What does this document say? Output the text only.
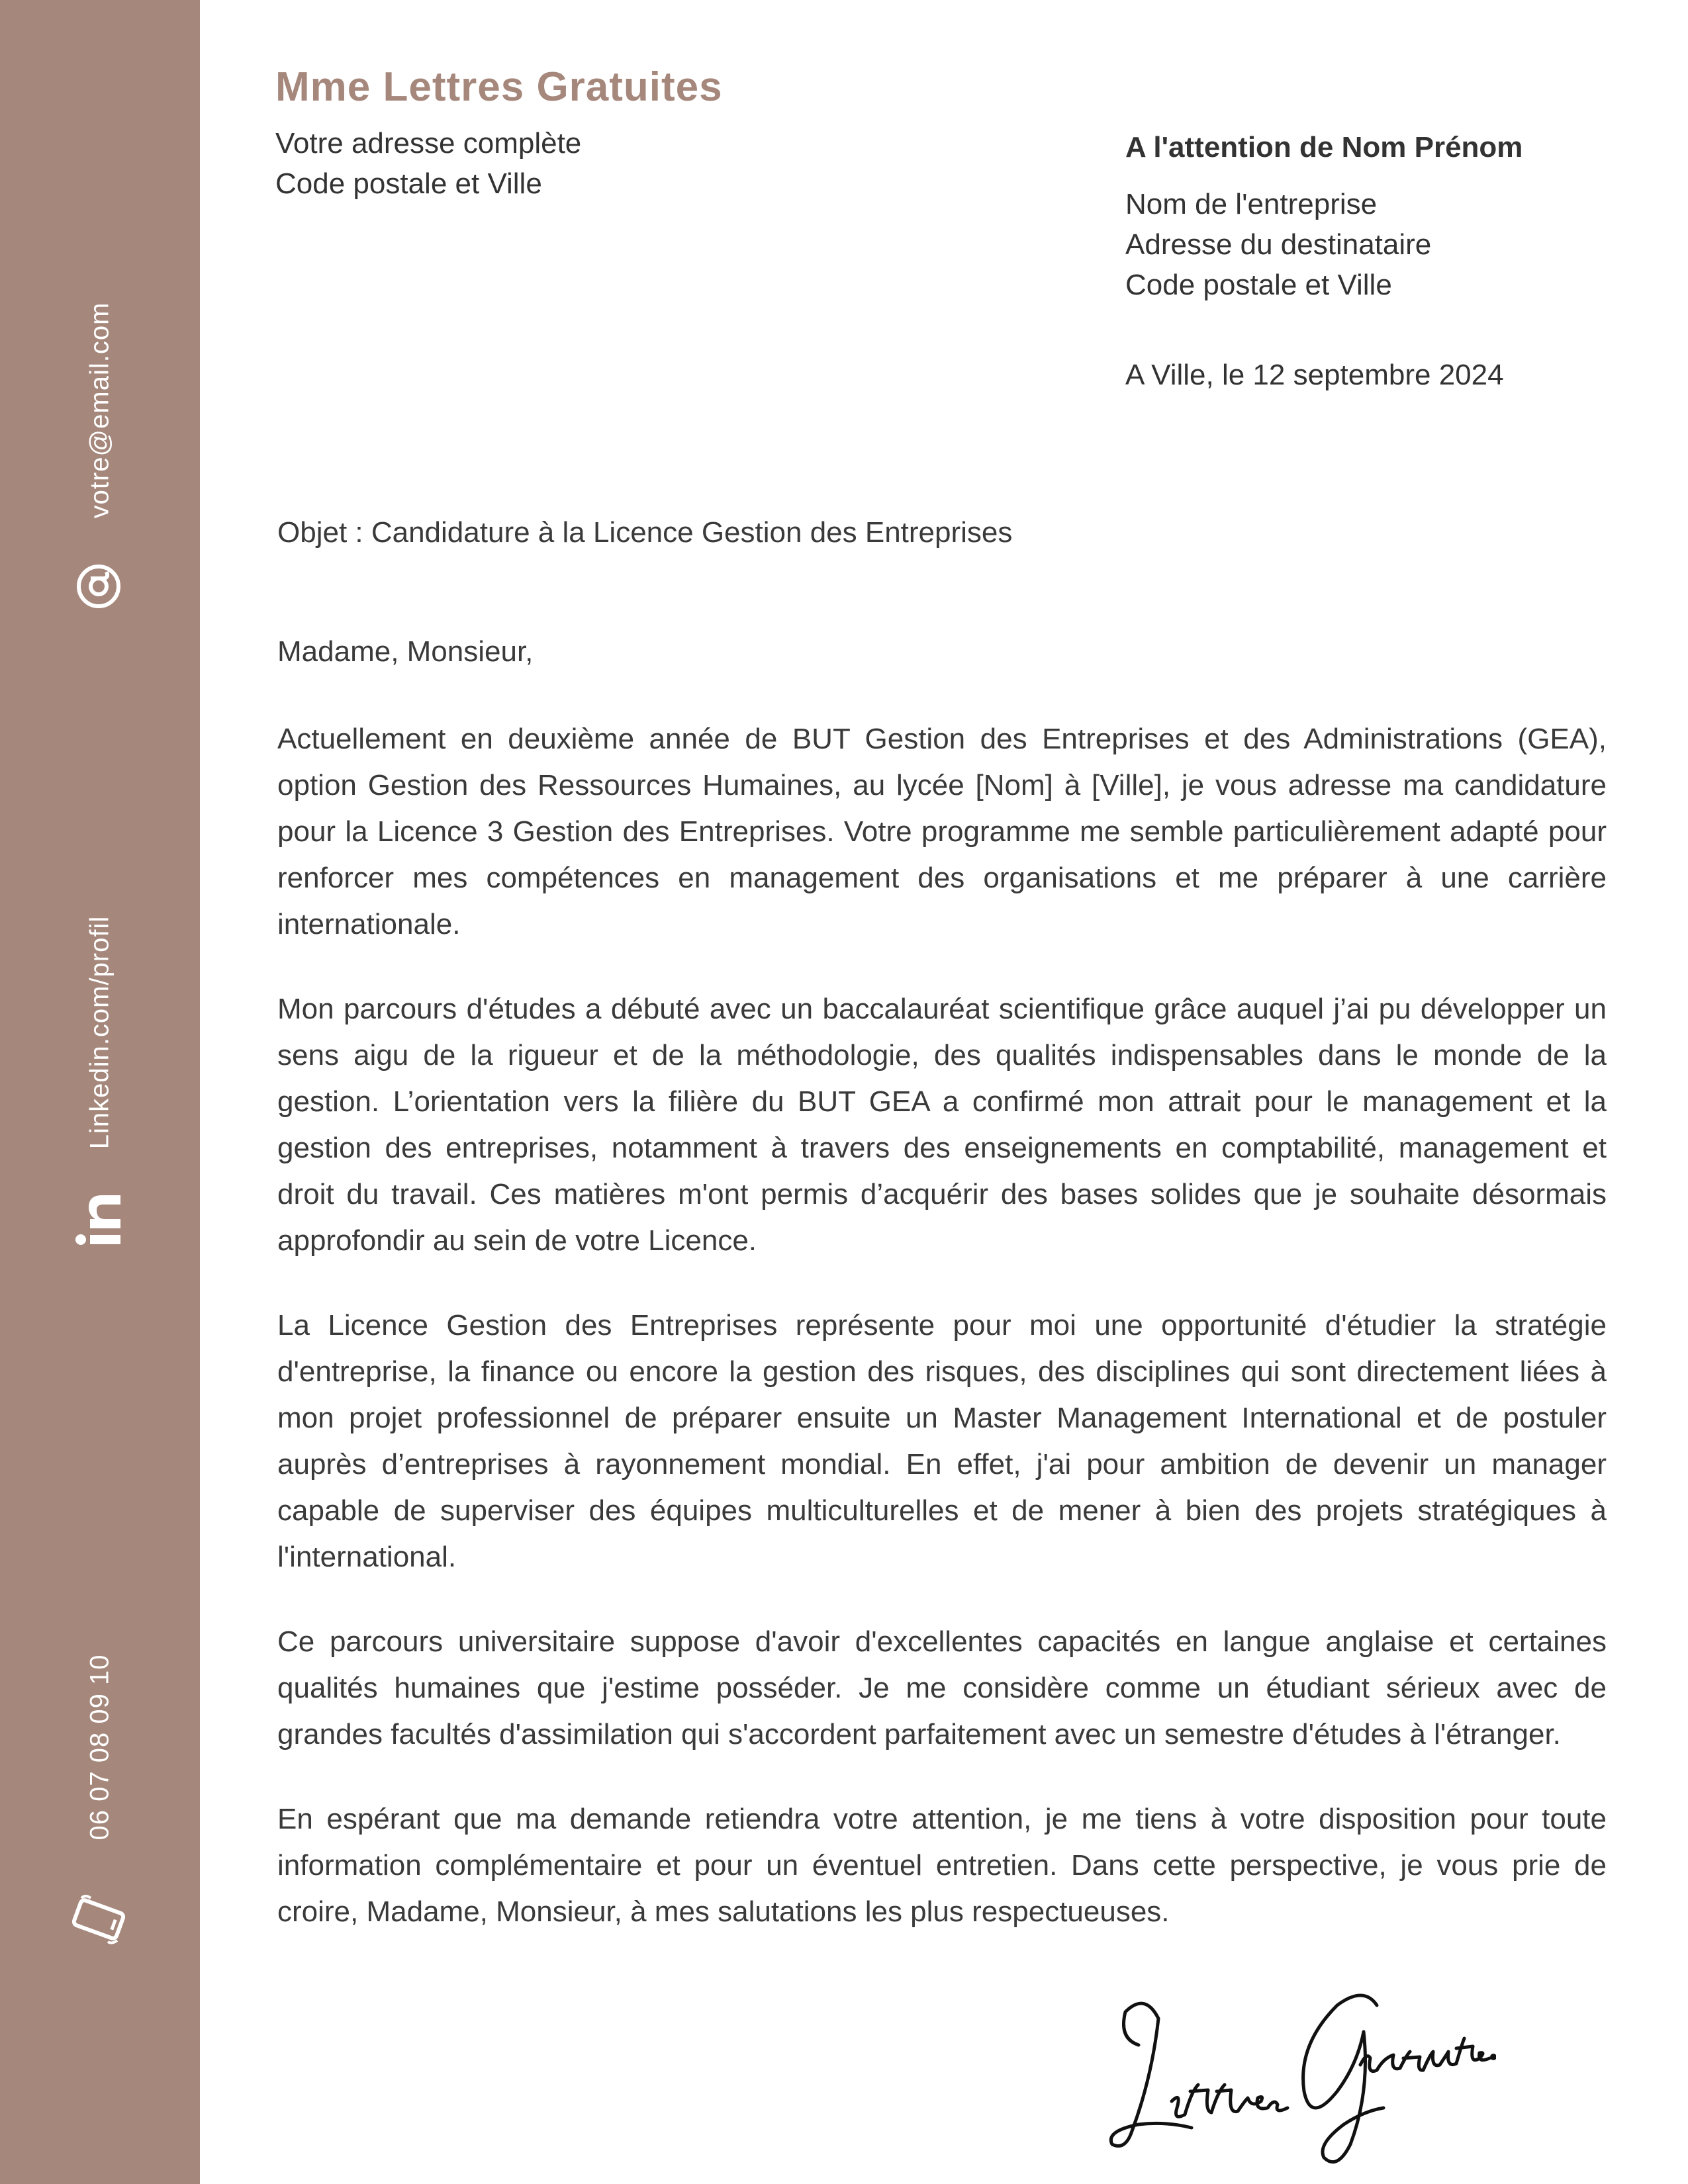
votre@email.com
Linkedin.com/profil
06 07 08 09 10
Mme Lettres Gratuites
Votre adresse complète
Code postale et Ville
A l'attention de Nom Prénom
Nom de l'entreprise
Adresse du destinataire
Code postale et Ville
A Ville, le 12 septembre 2024
Objet : Candidature à la Licence Gestion des Entreprises
Madame, Monsieur,

Actuellement en deuxième année de BUT Gestion des Entreprises et des Administrations (GEA), option Gestion des Ressources Humaines, au lycée [Nom] à [Ville], je vous adresse ma candidature pour la Licence 3 Gestion des Entreprises. Votre programme me semble particulièrement adapté pour renforcer mes compétences en management des organisations et me préparer à une carrière internationale.

Mon parcours d'études a débuté avec un baccalauréat scientifique grâce auquel j’ai pu développer un sens aigu de la rigueur et de la méthodologie, des qualités indispensables dans le monde de la gestion. L’orientation vers la filière du BUT GEA a confirmé mon attrait pour le management et la gestion des entreprises, notamment à travers des enseignements en comptabilité, management et droit du travail. Ces matières m'ont permis d’acquérir des bases solides que je souhaite désormais approfondir au sein de votre Licence.

La Licence Gestion des Entreprises représente pour moi une opportunité d'étudier la stratégie d'entreprise, la finance ou encore la gestion des risques, des disciplines qui sont directement liées à mon projet professionnel de préparer ensuite un Master Management International et de postuler auprès d’entreprises à rayonnement mondial. En effet, j'ai pour ambition de devenir un manager capable de superviser des équipes multiculturelles et de mener à bien des projets stratégiques à l'international.

Ce parcours universitaire suppose d'avoir d'excellentes capacités en langue anglaise et certaines qualités humaines que j'estime posséder. Je me considère comme un étudiant sérieux avec de grandes facultés d'assimilation qui s'accordent parfaitement avec un semestre d'études à l'étranger.

En espérant que ma demande retiendra votre attention, je me tiens à votre disposition pour toute information complémentaire et pour un éventuel entretien. Dans cette perspective, je vous prie de croire, Madame, Monsieur, à mes salutations les plus respectueuses.
